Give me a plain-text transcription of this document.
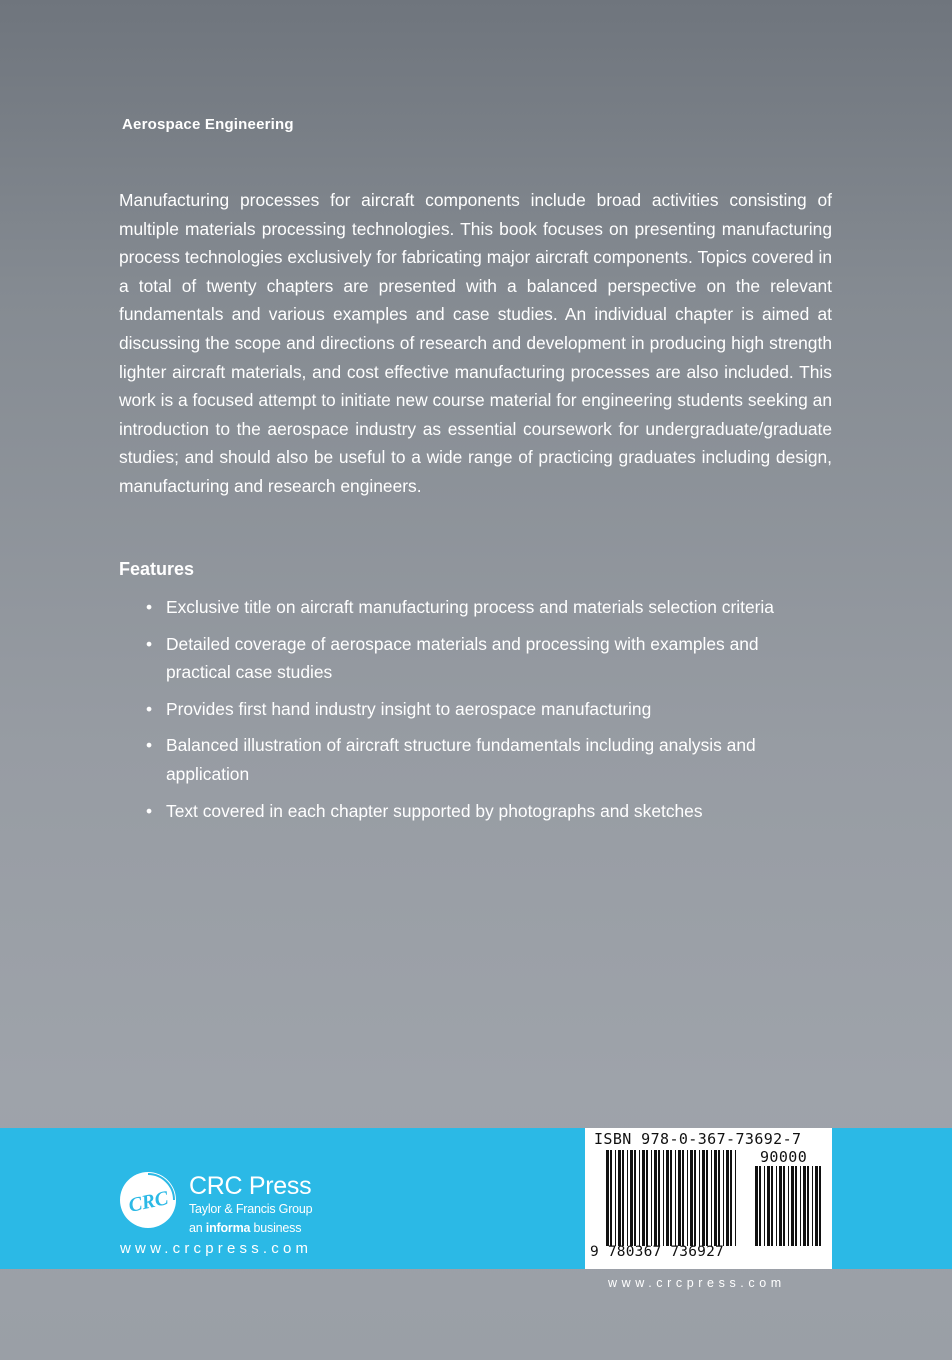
Aerospace Engineering

Manufacturing processes for aircraft components include broad activities consisting of multiple materials processing technologies. This book focuses on presenting manufacturing process technologies exclusively for fabricating major aircraft components. Topics covered in a total of twenty chapters are presented with a balanced perspective on the relevant fundamentals and various examples and case studies. An individual chapter is aimed at discussing the scope and directions of research and development in producing high strength lighter aircraft materials, and cost effective manufacturing processes are also included. This work is a focused attempt to initiate new course material for engineering students seeking an introduction to the aerospace industry as essential coursework for undergraduate/graduate studies; and should also be useful to a wide range of practicing graduates including design, manufacturing and research engineers.

Features
• Exclusive title on aircraft manufacturing process and materials selection criteria
• Detailed coverage of aerospace materials and processing with examples and practical case studies
• Provides first hand industry insight to aerospace manufacturing
• Balanced illustration of aircraft structure fundamentals including analysis and application
• Text covered in each chapter supported by photographs and sketches
CRC
CRC Press
Taylor & Francis Group
an informa business
www.crcpress.com
ISBN 978-0-367-73692-7
90000
9 780367 736927
www.crcpress.com
